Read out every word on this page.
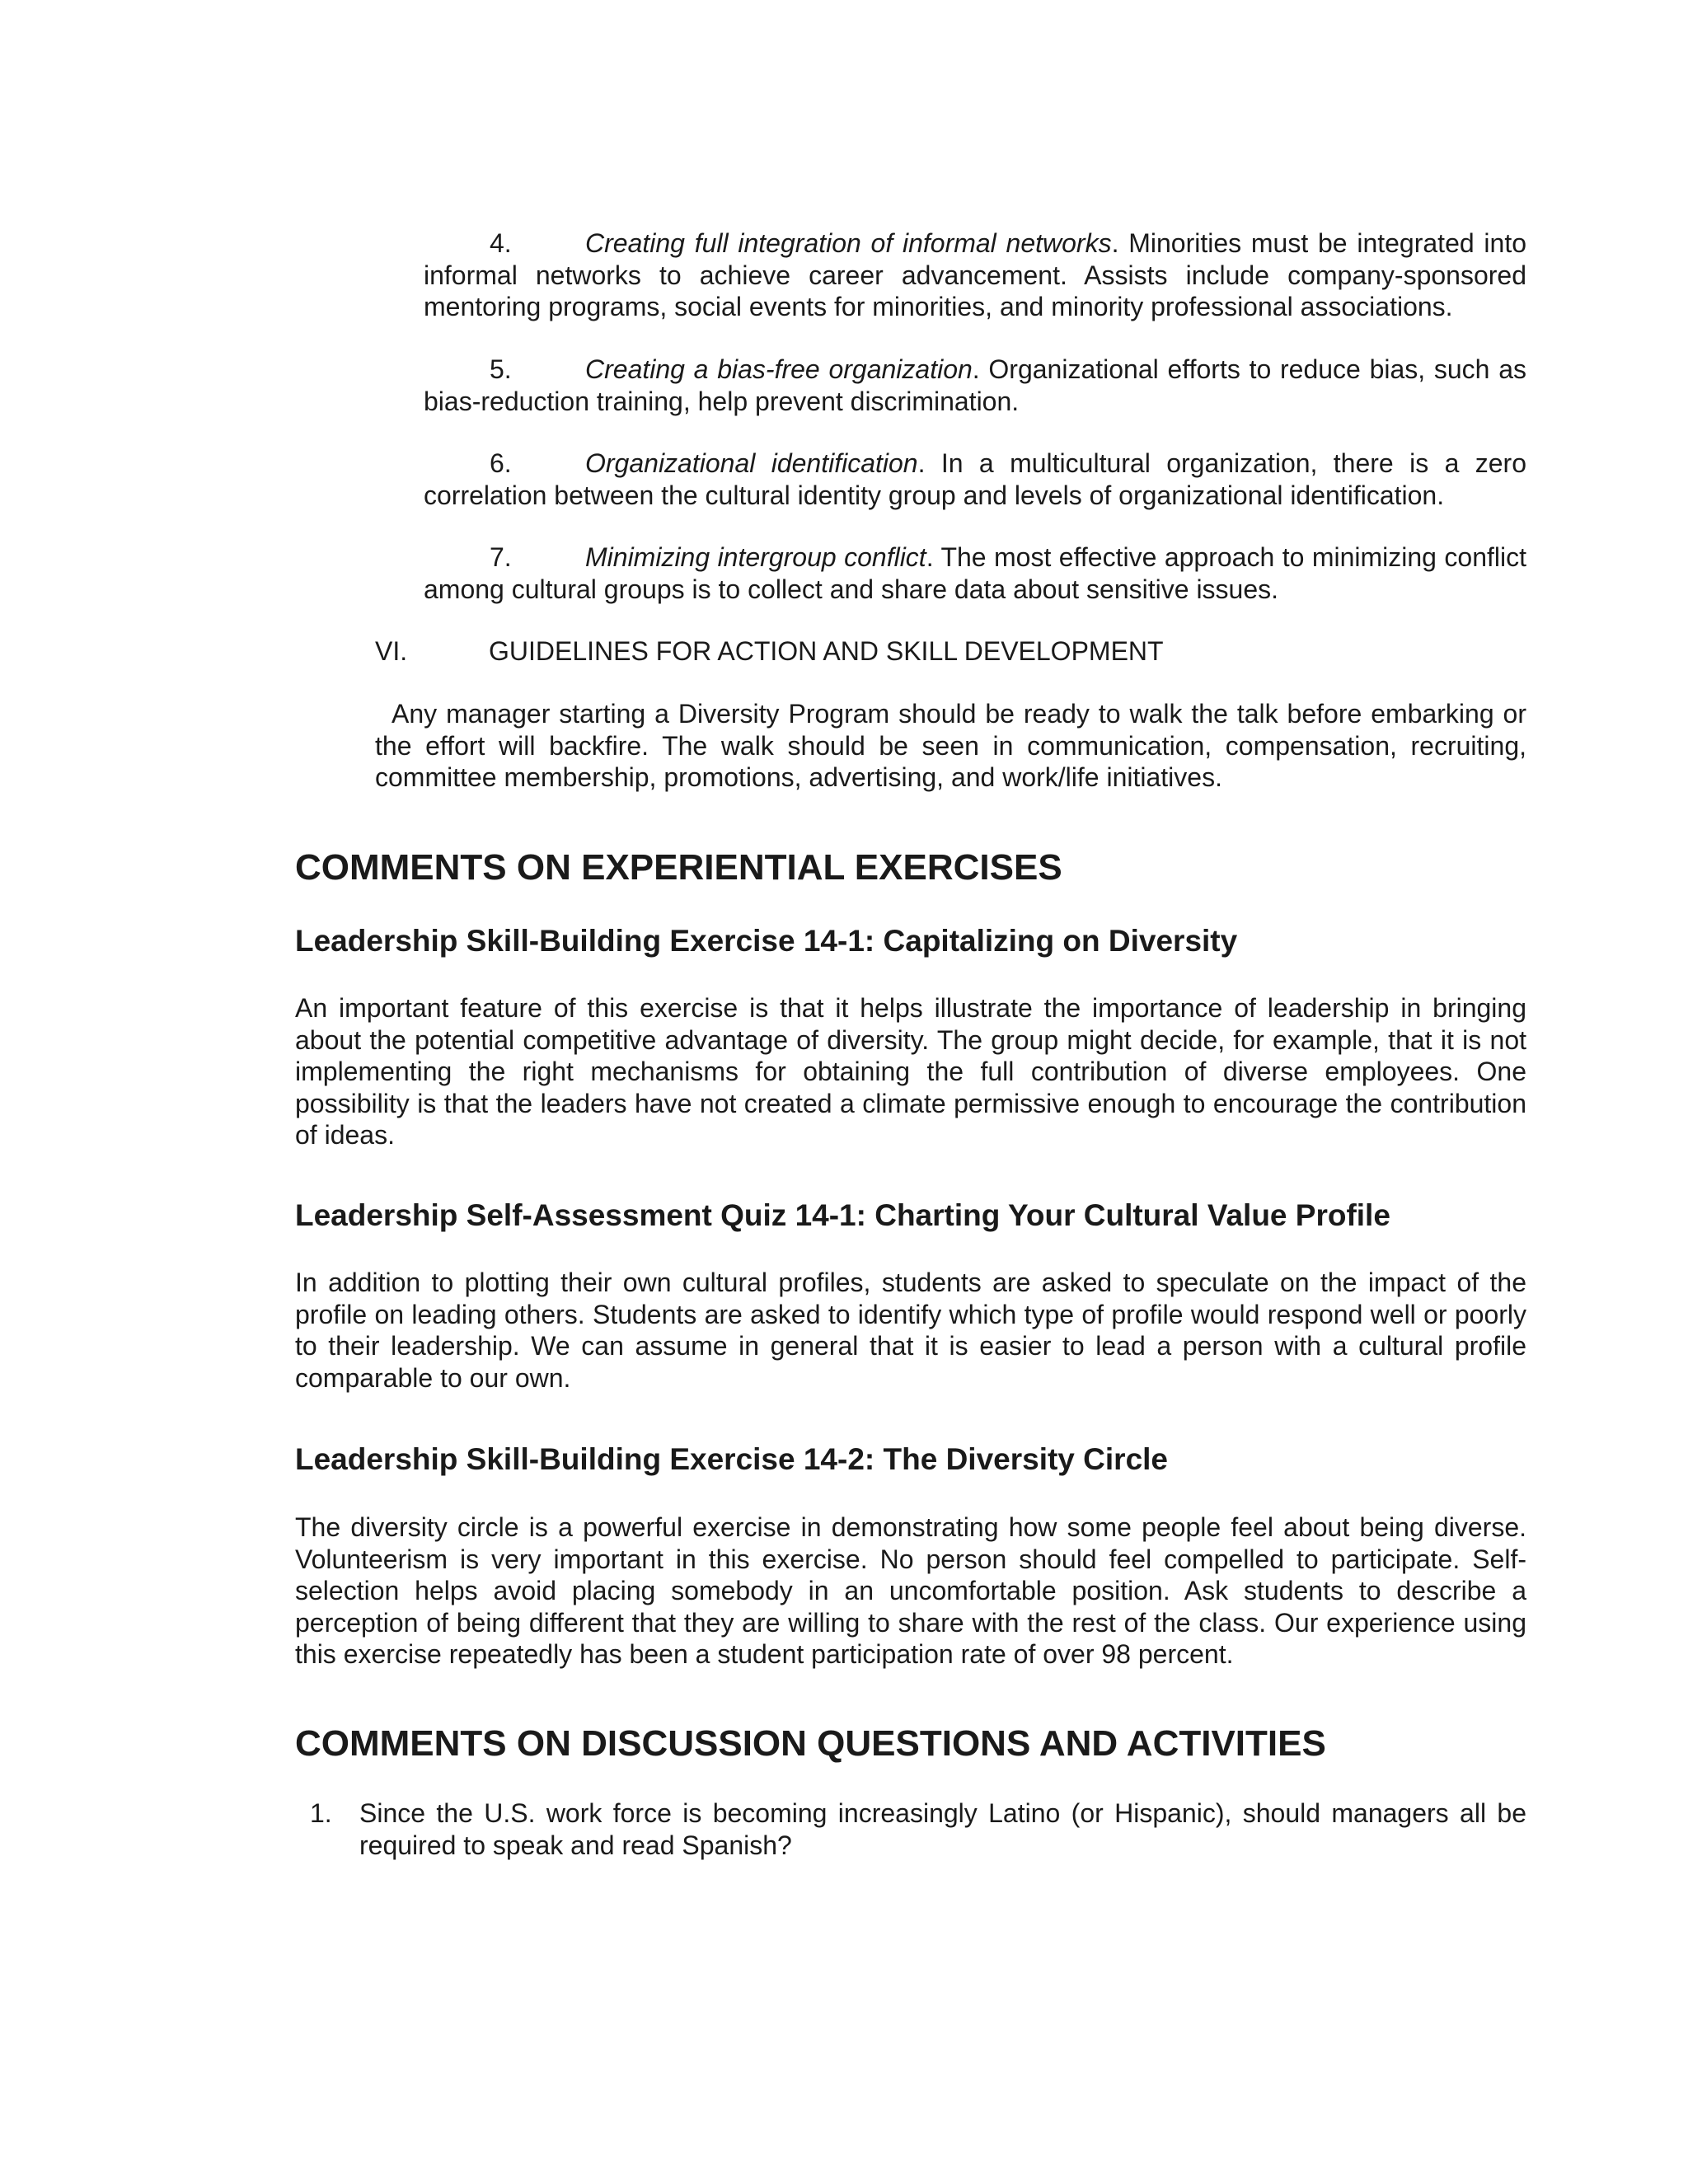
4.	Creating full integration of informal networks. Minorities must be integrated into informal networks to achieve career advancement. Assists include company-sponsored mentoring programs, social events for minorities, and minority professional associations.

5.	Creating a bias-free organization. Organizational efforts to reduce bias, such as bias-reduction training, help prevent discrimination.

6.	Organizational identification. In a multicultural organization, there is a zero correlation between the cultural identity group and levels of organizational identification.

7.	Minimizing intergroup conflict. The most effective approach to minimizing conflict among cultural groups is to collect and share data about sensitive issues.

VI.	GUIDELINES FOR ACTION AND SKILL DEVELOPMENT

Any manager starting a Diversity Program should be ready to walk the talk before embarking or the effort will backfire. The walk should be seen in communication, compensation, recruiting, committee membership, promotions, advertising, and work/life initiatives.

COMMENTS ON EXPERIENTIAL EXERCISES
Leadership Skill-Building Exercise 14-1: Capitalizing on Diversity

An important feature of this exercise is that it helps illustrate the importance of leadership in bringing about the potential competitive advantage of diversity. The group might decide, for example, that it is not implementing the right mechanisms for obtaining the full contribution of diverse employees. One possibility is that the leaders have not created a climate permissive enough to encourage the contribution of ideas.

Leadership Self-Assessment Quiz 14-1: Charting Your Cultural Value Profile

In addition to plotting their own cultural profiles, students are asked to speculate on the impact of the profile on leading others. Students are asked to identify which type of profile would respond well or poorly to their leadership. We can assume in general that it is easier to lead a person with a cultural profile comparable to our own.

Leadership Skill-Building Exercise 14-2: The Diversity Circle

The diversity circle is a powerful exercise in demonstrating how some people feel about being diverse. Volunteerism is very important in this exercise. No person should feel compelled to participate. Self-selection helps avoid placing somebody in an uncomfortable position. Ask students to describe a perception of being different that they are willing to share with the rest of the class. Our experience using this exercise repeatedly has been a student participation rate of over 98 percent.

COMMENTS ON DISCUSSION QUESTIONS AND ACTIVITIES
1.	Since the U.S. work force is becoming increasingly Latino (or Hispanic), should managers all be required to speak and read Spanish?
